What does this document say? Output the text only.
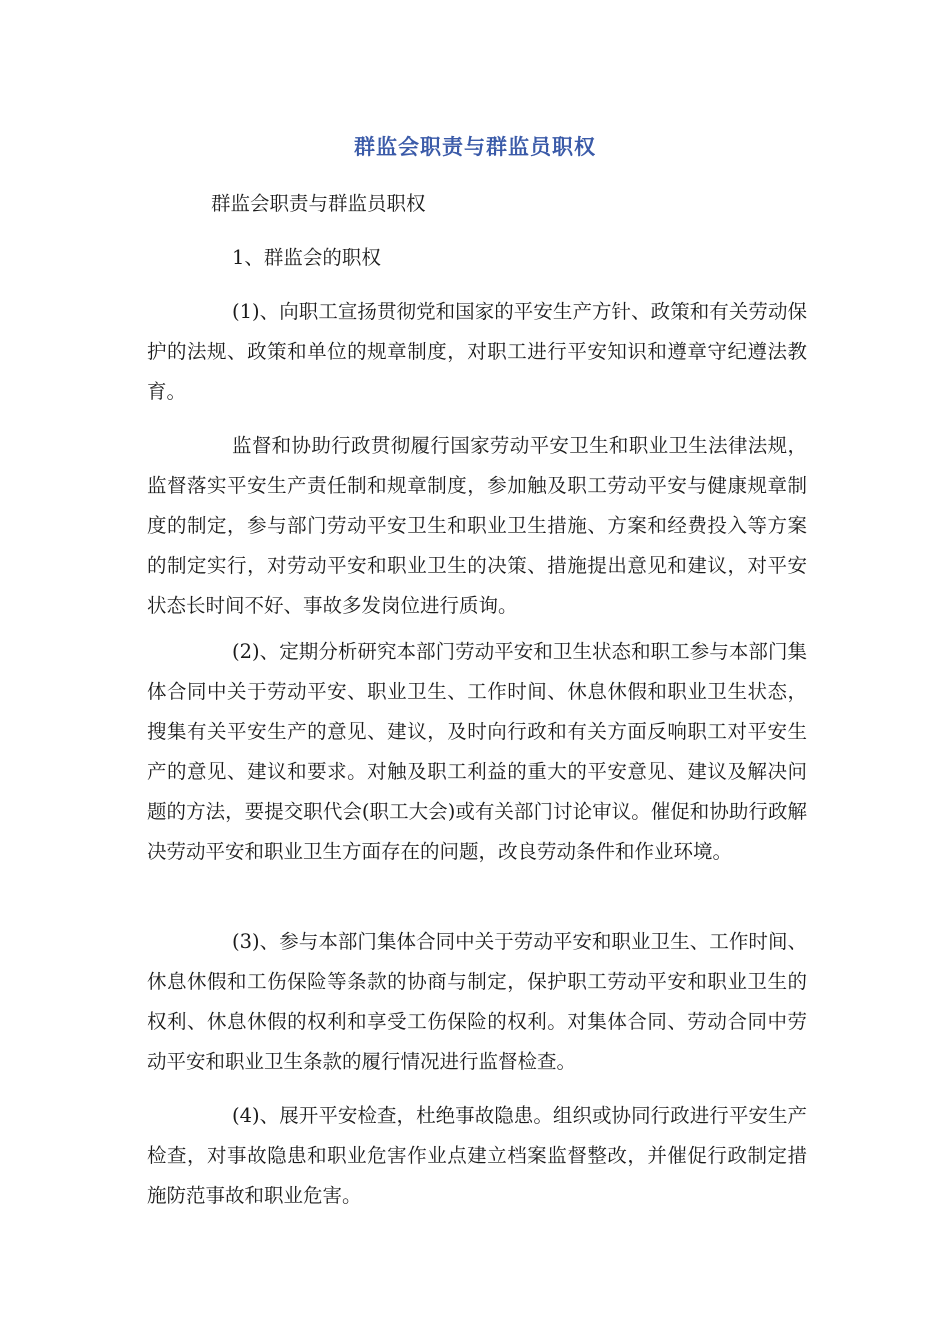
群监会职责与群监员职权

群监会职责与群监员职权

1、群监会的职权

(1)、向职工宣扬贯彻党和国家的平安生产方针、政策和有关劳动保护的法规、政策和单位的规章制度，对职工进行平安知识和遵章守纪遵法教育。

监督和协助行政贯彻履行国家劳动平安卫生和职业卫生法律法规，监督落实平安生产责任制和规章制度，参加触及职工劳动平安与健康规章制度的制定，参与部门劳动平安卫生和职业卫生措施、方案和经费投入等方案的制定实行，对劳动平安和职业卫生的决策、措施提出意见和建议，对平安状态长时间不好、事故多发岗位进行质询。

(2)、定期分析研究本部门劳动平安和卫生状态和职工参与本部门集体合同中关于劳动平安、职业卫生、工作时间、休息休假和职业卫生状态，搜集有关平安生产的意见、建议，及时向行政和有关方面反响职工对平安生产的意见、建议和要求。对触及职工利益的重大的平安意见、建议及解决问题的方法，要提交职代会(职工大会)或有关部门讨论审议。催促和协助行政解决劳动平安和职业卫生方面存在的问题，改良劳动条件和作业环境。

(3)、参与本部门集体合同中关于劳动平安和职业卫生、工作时间、休息休假和工伤保险等条款的协商与制定，保护职工劳动平安和职业卫生的权利、休息休假的权利和享受工伤保险的权利。对集体合同、劳动合同中劳动平安和职业卫生条款的履行情况进行监督检查。

(4)、展开平安检查，杜绝事故隐患。组织或协同行政进行平安生产检查，对事故隐患和职业危害作业点建立档案监督整改，并催促行政制定措施防范事故和职业危害。
